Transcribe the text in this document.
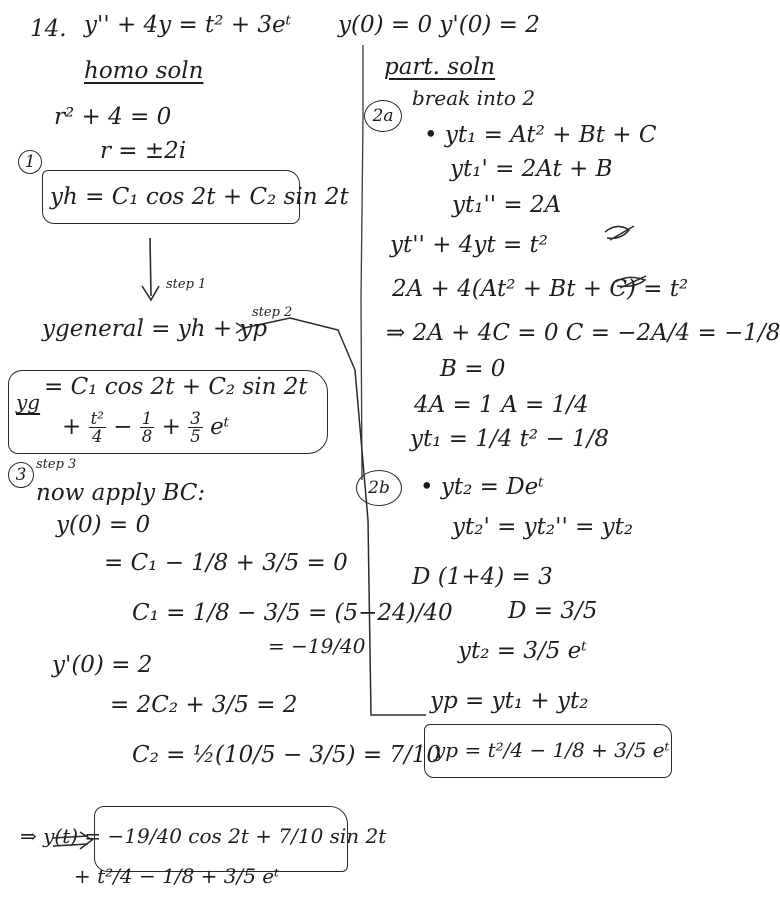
14. y'' + 4y = t² + 3eᵗ
homo soln
r² + 4 = 0
r = ±2i
1
yh = C₁ cos 2t + C₂ sin 2t
step 1
ygeneral = yh + yp
yg
= C₁ cos 2t + C₂ sin 2t
+ $\frac{\text{t²}}{4} - \frac{1}{8} + \frac{3}{5}$ eᵗ
3
step 3
now apply BC:
y(0) = 0
= C₁ − 1/8 + 3/5 = 0
C₁ = 1/8 − 3/5 = (5−24)/40
= −19/40
y'(0) = 2
= 2C₂ + 3/5 = 2
C₂ = ½(10/5 − 3/5) = 7/10
⇒ y(t) = −19/40 cos 2t + 7/10 sin 2t
+ t²/4 − 1/8 + 3/5 eᵗ
y(0) = 0 y'(0) = 2
part. soln
step 2
2a
break into 2
• yt₁ = At² + Bt + C
yt₁' = 2At + B
yt₁'' = 2A
yt'' + 4yt = t²
2A + 4(At² + Bt + C) = t²
⇒ 2A + 4C = 0 C = −2A/4 = −1/8
B = 0
4A = 1 A = 1/4
yt₁ = 1/4 t² − 1/8
2b	• yt₂ = Deᵗ
yt₂' = yt₂'' = yt₂
D (1+4) = 3
D = 3/5
yt₂ = 3/5 eᵗ
yp = yt₁ + yt₂
yp = t²/4 − 1/8 + 3/5 eᵗ
